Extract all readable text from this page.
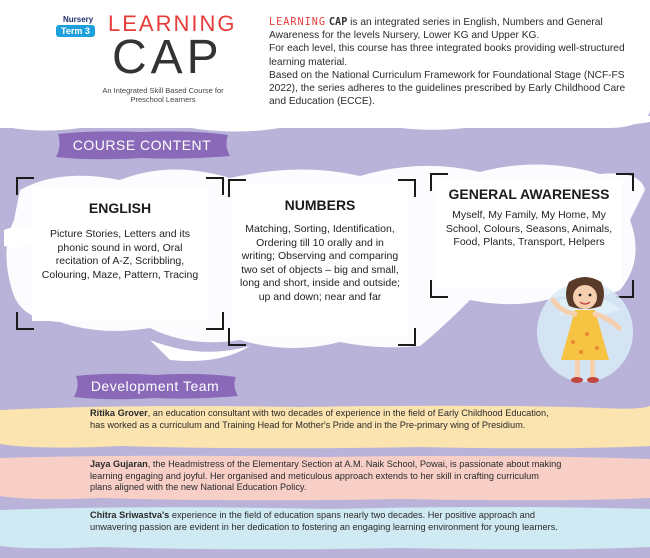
Nursery
Term 3 LEARNING
CAP
An Integrated Skill Based Course for Preschool Learners

LEARNING CAP is an integrated series in English, Numbers and General Awareness for the levels Nursery, Lower KG and Upper KG.

For each level, this course has three integrated books providing well-structured learning material.

Based on the National Curriculum Framework for Foundational Stage (NCF-FS 2022), the series adheres to the guidelines prescribed by Early Childhood Care and Education (ECCE).

COURSE CONTENT
ENGLISH

Picture Stories, Letters and its phonic sound in word, Oral recitation of A-Z, Scribbling, Colouring, Maze, Pattern, Tracing

NUMBERS

Matching, Sorting, Identification, Ordering till 10 orally and in writing; Observing and comparing two set of objects – big and small, long and short, inside and outside; up and down; near and far

GENERAL AWARENESS

Myself, My Family, My Home, My School, Colours, Seasons, Animals, Food, Plants, Transport, Helpers

Development Team
Ritika Grover, an education consultant with two decades of experience in the field of Early Childhood Education, has worked as a curriculum and Training Head for Mother's Pride and in the Pre-primary wing of Presidium.
Jaya Gujaran, the Headmistress of the Elementary Section at A.M. Naik School, Powai, is passionate about making learning engaging and joyful. Her organised and meticulous approach extends to her skill in crafting curriculum plans aligned with the new National Education Policy.
Chitra Sriwastva's experience in the field of education spans nearly two decades. Her positive approach and unwavering passion are evident in her dedication to fostering an engaging learning environment for young learners.
